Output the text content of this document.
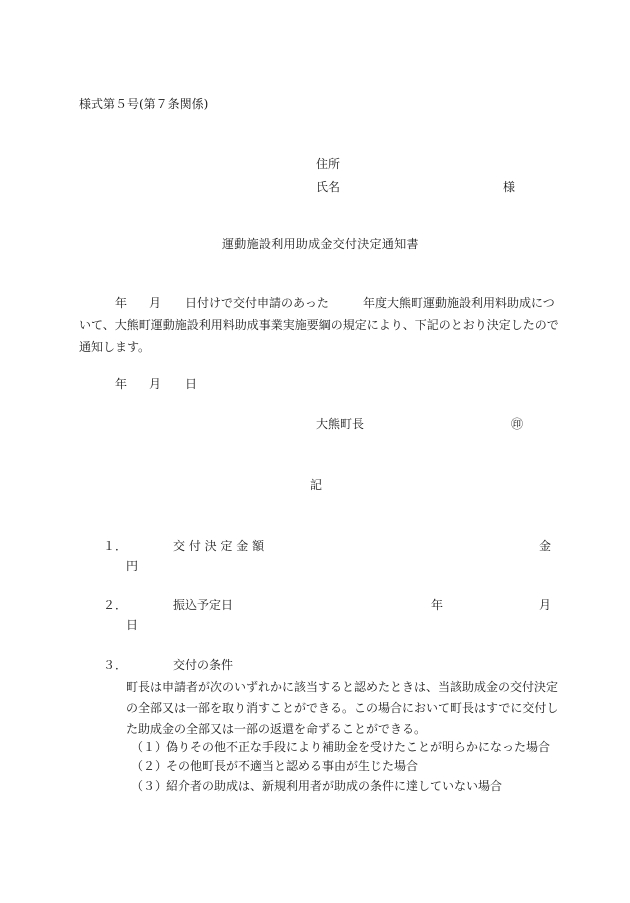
様式第５号(第７条関係)
住所
氏名	様
運動施設利用助成金交付決定通知書
年 月 日付けで交付申請のあった	年度大熊町運動施設利用料助成につ
いて、大熊町運動施設利用料助成事業実施要綱の規定により、下記のとおり決定したので
通知します。
年 月 日
大熊町長	㊞
記
１．	交 付 決 定 金 額	金
円
２．	振込予定日	年	月
日
３．	交付の条件
町長は申請者が次のいずれかに該当すると認めたときは、当該助成金の交付決定
の全部又は一部を取り消すことができる。この場合において町長はすでに交付し
た助成金の全部又は一部の返還を命ずることができる。
（１）
偽りその他不正な手段により補助金を受けたことが明らかになった場合
（２）
その他町長が不適当と認める事由が生じた場合
（３）
紹介者の助成は、新規利用者が助成の条件に達していない場合
